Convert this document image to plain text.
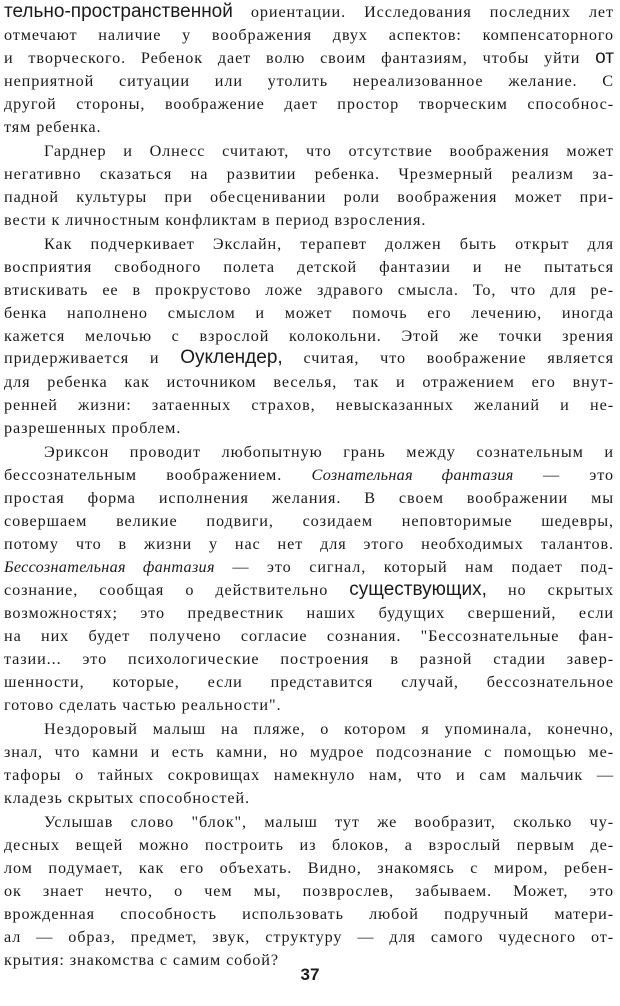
тельно-пространственной ориентации. Исследования последних лет
отмечают наличие у воображения двух аспектов: компенсаторного
и творческого. Ребенок дает волю своим фантазиям, чтобы уйти от
неприятной ситуации или утолить нереализованное желание. С
другой стороны, воображение дает простор творческим способнос-
тям ребенка.
Гарднер и Олнесс считают, что отсутствие воображения может
негативно сказаться на развитии ребенка. Чрезмерный реализм за-
падной культуры при обесценивании роли воображения может при-
вести к личностным конфликтам в период взросления.
Как подчеркивает Экслайн, терапевт должен быть открыт для
восприятия свободного полета детской фантазии и не пытаться
втискивать ее в прокрустово ложе здравого смысла. То, что для ре-
бенка наполнено смыслом и может помочь его лечению, иногда
кажется мелочью с взрослой колокольни. Этой же точки зрения
придерживается и Оуклендер, считая, что воображение является
для ребенка как источником веселья, так и отражением его внут-
ренней жизни: затаенных страхов, невысказанных желаний и не-
разрешенных проблем.
Эриксон проводит любопытную грань между сознательным и
бессознательным воображением. Сознательная фантазия — это
простая форма исполнения желания. В своем воображении мы
совершаем великие подвиги, созидаем неповторимые шедевры,
потому что в жизни у нас нет для этого необходимых талантов.
Бессознательная фантазия — это сигнал, который нам подает под-
сознание, сообщая о действительно существующих, но скрытых
возможностях; это предвестник наших будущих свершений, если
на них будет получено согласие сознания. "Бессознательные фан-
тазии... это психологические построения в разной стадии завер-
шенности, которые, если представится случай, бессознательное
готово сделать частью реальности".
Нездоровый малыш на пляже, о котором я упоминала, конечно,
знал, что камни и есть камни, но мудрое подсознание с помощью ме-
тафоры о тайных сокровищах намекнуло нам, что и сам мальчик —
кладезь скрытых способностей.
Услышав слово "блок", малыш тут же вообразит, сколько чу-
десных вещей можно построить из блоков, а взрослый первым де-
лом подумает, как его объехать. Видно, знакомясь с миром, ребен-
ок знает нечто, о чем мы, позврослев, забываем. Может, это
врожденная способность использовать любой подручный матери-
ал — образ, предмет, звук, структуру — для самого чудесного от-
крытия: знакомства с самим собой?
37
